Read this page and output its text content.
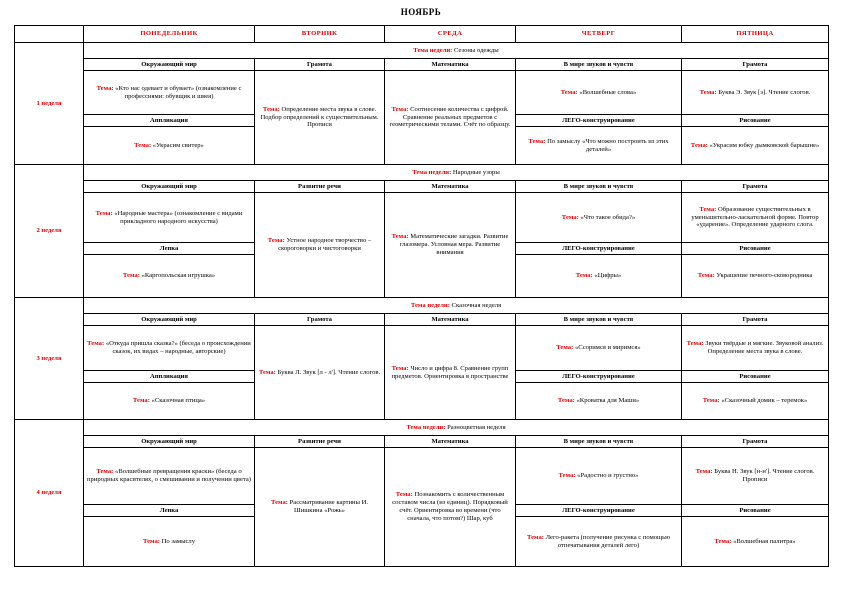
НОЯБРЬ
	ПОНЕДЕЛЬНИК	ВТОРНИК	СРЕДА	ЧЕТВЕРГ	ПЯТНИЦА
1 неделя	Тема недели: Сезоны одежды				
	Окружающий мир	Грамота	Математика	В мире звуков и чувств	Грамота
	Тема: «Кто нас одевает и обувает» (ознакомление с профессиями: обувщик и швея)	Тема: Определение места звука в слове. Подбор определений к существительным. Прописи	Тема: Соотнесение количества с цифрой. Сравнение реальных предметов с геометрическими телами. Счёт по образцу.	Тема: «Волшебные слова»	Тема: Буква Э. Звук [э]. Чтение слогов.
	Аппликация			ЛЕГО-конструирование	Рисование
	Тема: «Украсим свитер»			Тема: По замыслу «Что можно построить из этих деталей»	Тема: «Украсим юбку дымковской барышне»
2 неделя	Тема недели: Народные узоры				
	Окружающий мир	Развитие речи	Математика	В мире звуков и чувств	Грамота
	Тема: «Народные мастера» (ознакомление с видами прикладного народного искусства)	Тема: Устное народное творчество – скороговорки и чистоговорки	Тема: Математические загадки. Развитие глазомера. Условная мера. Развитие внимания	Тема: «Что такое обида?»	Тема: Образование существительных в уменьшительно-ласкательной форме. Повтор «ударение». Определение ударного слога.
	Лепка			ЛЕГО-конструирование	Рисование
	Тема: «Каргопольская игрушка»			Тема: «Цифры»	Тема: Украшение печного-сковородника
3 неделя	Тема недели: Сказочная неделя				
	Окружающий мир	Грамота	Математика	В мире звуков и чувств	Грамота
	Тема: «Откуда пришла сказка?» (беседа о происхождении сказок, их видах – народные, авторские)	Тема: Буква Л. Звук [л - л']. Чтение слогов.	Тема: Число и цифра 8. Сравнение групп предметов. Ориентировка в пространстве	Тема: «Ссоримся и миримся»	Тема: Звуки твёрдые и мягкие. Звуковой анализ. Определение места звука в слове.
	Аппликация			ЛЕГО-конструирование	Рисование
	Тема: «Сказочная птица»			Тема: «Кроватка для Маши»	Тема: «Сказочный домик – теремок»
4 неделя	Тема недели: Разноцветная неделя				
	Окружающий мир	Развитие речи	Математика	В мире звуков и чувств	Грамота
	Тема: «Волшебные превращения краски» (беседа о природных красителях, о смешивании и получении цвета)	Тема: Рассматривание картины И. Шишкина «Рожь»	Тема: Познакомить с количественным составом числа (из единиц). Порядковый счёт. Ориентировка во времени (что сначала, что потом?) Шар, куб	Тема: «Радостно и грустно»	Тема: Буква Н. Звук [н-н']. Чтение слогов. Прописи
	Лепка			ЛЕГО-конструирование	Рисование
	Тема: По замыслу			Тема: Лего-ракета (получение рисунка с помощью отпечатывания деталей лего)	Тема: «Волшебная палитра»
